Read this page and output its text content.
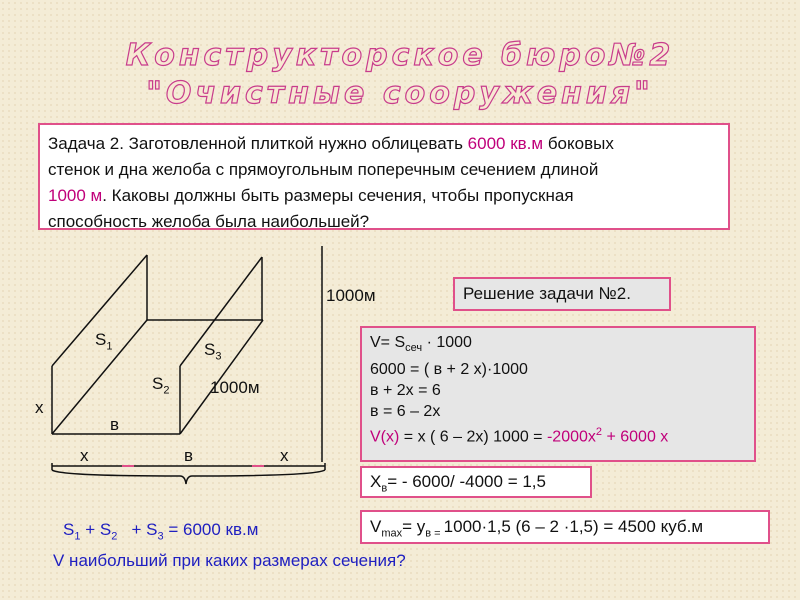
Конструкторское бюро№2
"Очистные сооружения"
Задача 2. Заготовленной плиткой нужно облицевать 6000 кв.м боковых
стенок и дна желоба с прямоугольным поперечным сечением длиной
1000 м. Каковы должны быть размеры сечения, чтобы пропускная
способность желоба была наибольшей?
$S_1$	$S_3$
$S_2$ 1000м
1000м
x
в
x	в	x
Решение задачи №2.
$V= S_{сеч} \cdot 1000$
6000 = ( в + 2 x)·1000
в + 2x = 6
в = 6 – 2x
V(x) = x ( 6 – 2x) $1000 = -2000x^2 + 6000$ x
$X_в= - 6000/$ -4000 = 1,5
$V_{max}= у_{в =}$ 1000·1,5 (6 – 2 ·1,5) = 4500 куб.м
$S_1 + S_2 + S_3 = 6000$ кв.м
V наибольший при каких размерах сечения?
